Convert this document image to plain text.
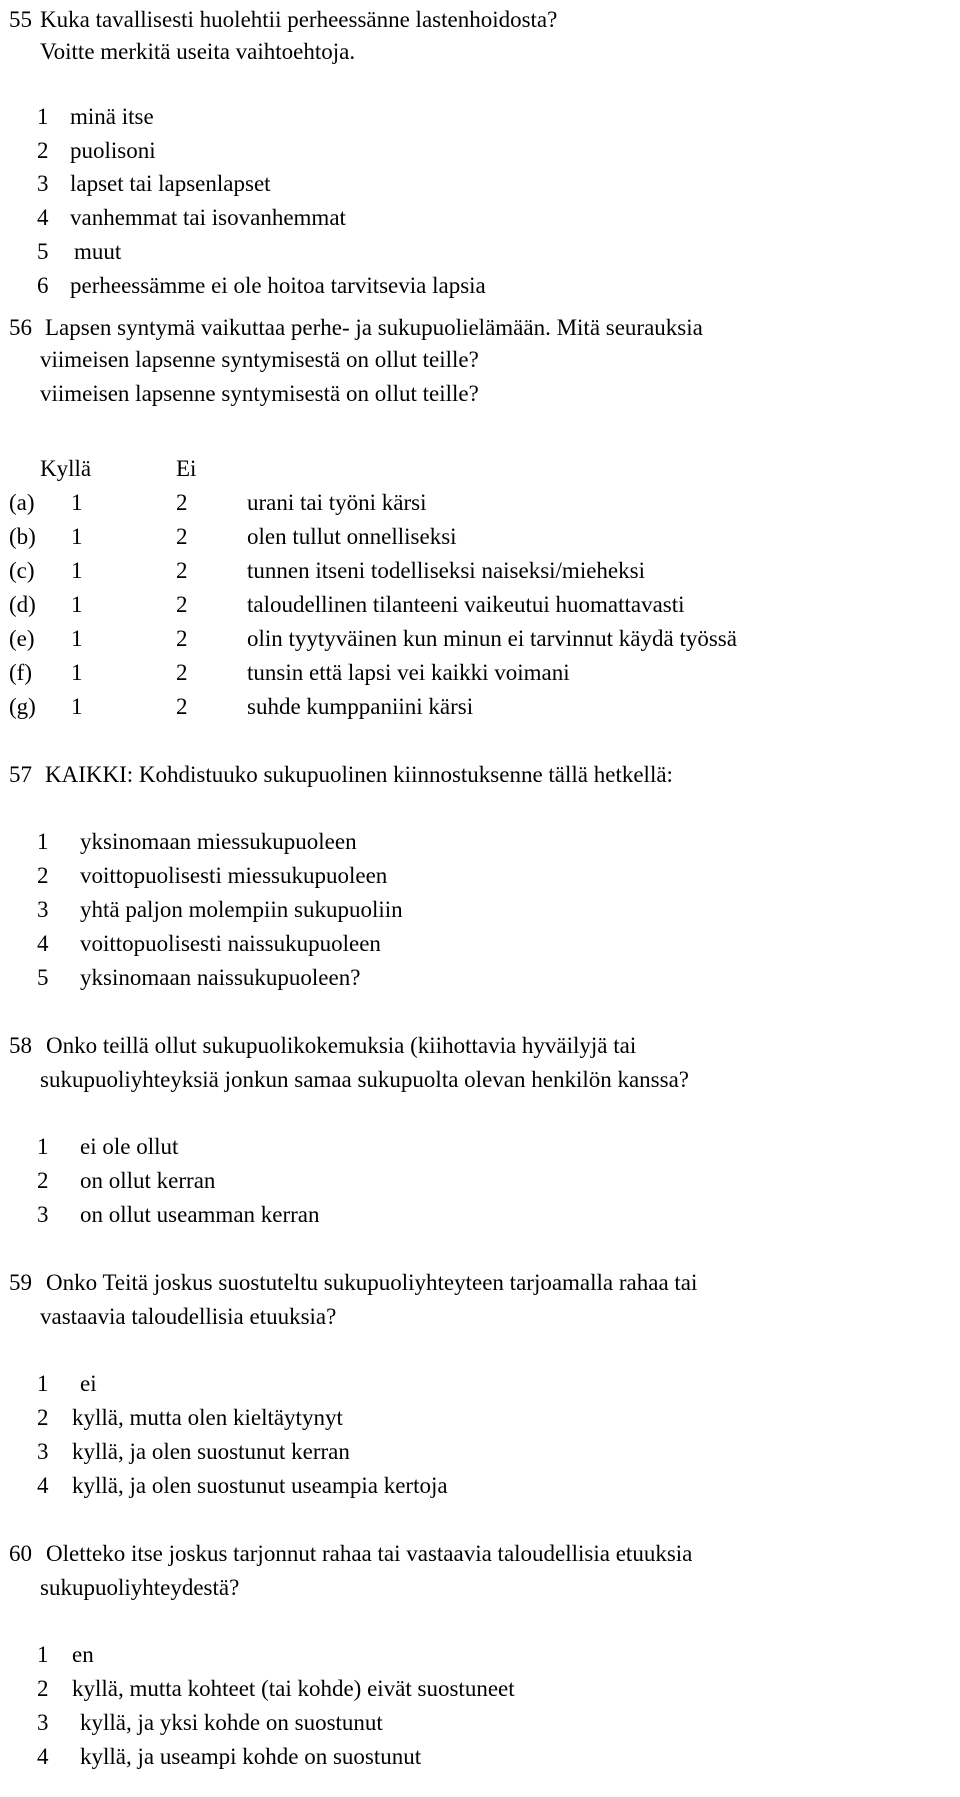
55 Kuka tavallisesti huolehtii perheessänne lastenhoidosta?
Voitte merkitä useita vaihtoehtoja.
1 minä itse
2 puolisoni
3 lapset tai lapsenlapset
4 vanhemmat tai isovanhemmat
5 muut
6 perheessämme ei ole hoitoa tarvitsevia lapsia
56 Lapsen syntymä vaikuttaa perhe- ja sukupuolielämään. Mitä seurauksia
viimeisen lapsenne syntymisestä on ollut teille?
viimeisen lapsenne syntymisestä on ollut teille?
Kyllä	Ei
(a) 1	2	urani tai työni kärsi
(b) 1	2	olen tullut onnelliseksi
(c) 1	2	tunnen itseni todelliseksi naiseksi/mieheksi
(d) 1	2	taloudellinen tilanteeni vaikeutui huomattavasti
(e) 1	2	olin tyytyväinen kun minun ei tarvinnut käydä työssä
(f) 1	2	tunsin että lapsi vei kaikki voimani
(g) 1	2	suhde kumppaniini kärsi
57 KAIKKI: Kohdistuuko sukupuolinen kiinnostuksenne tällä hetkellä:
1 yksinomaan miessukupuoleen
2 voittopuolisesti miessukupuoleen
3 yhtä paljon molempiin sukupuoliin
4 voittopuolisesti naissukupuoleen
5 yksinomaan naissukupuoleen?
58 Onko teillä ollut sukupuolikokemuksia (kiihottavia hyväilyjä tai
sukupuoliyhteyksiä jonkun samaa sukupuolta olevan henkilön kanssa?
1 ei ole ollut
2 on ollut kerran
3 on ollut useamman kerran
59 Onko Teitä joskus suostuteltu sukupuoliyhteyteen tarjoamalla rahaa tai
vastaavia taloudellisia etuuksia?
1 ei
2 kyllä, mutta olen kieltäytynyt
3 kyllä, ja olen suostunut kerran
4 kyllä, ja olen suostunut useampia kertoja
60 Oletteko itse joskus tarjonnut rahaa tai vastaavia taloudellisia etuuksia
sukupuoliyhteydestä?
1 en
2 kyllä, mutta kohteet (tai kohde) eivät suostuneet
3 kyllä, ja yksi kohde on suostunut
4 kyllä, ja useampi kohde on suostunut
